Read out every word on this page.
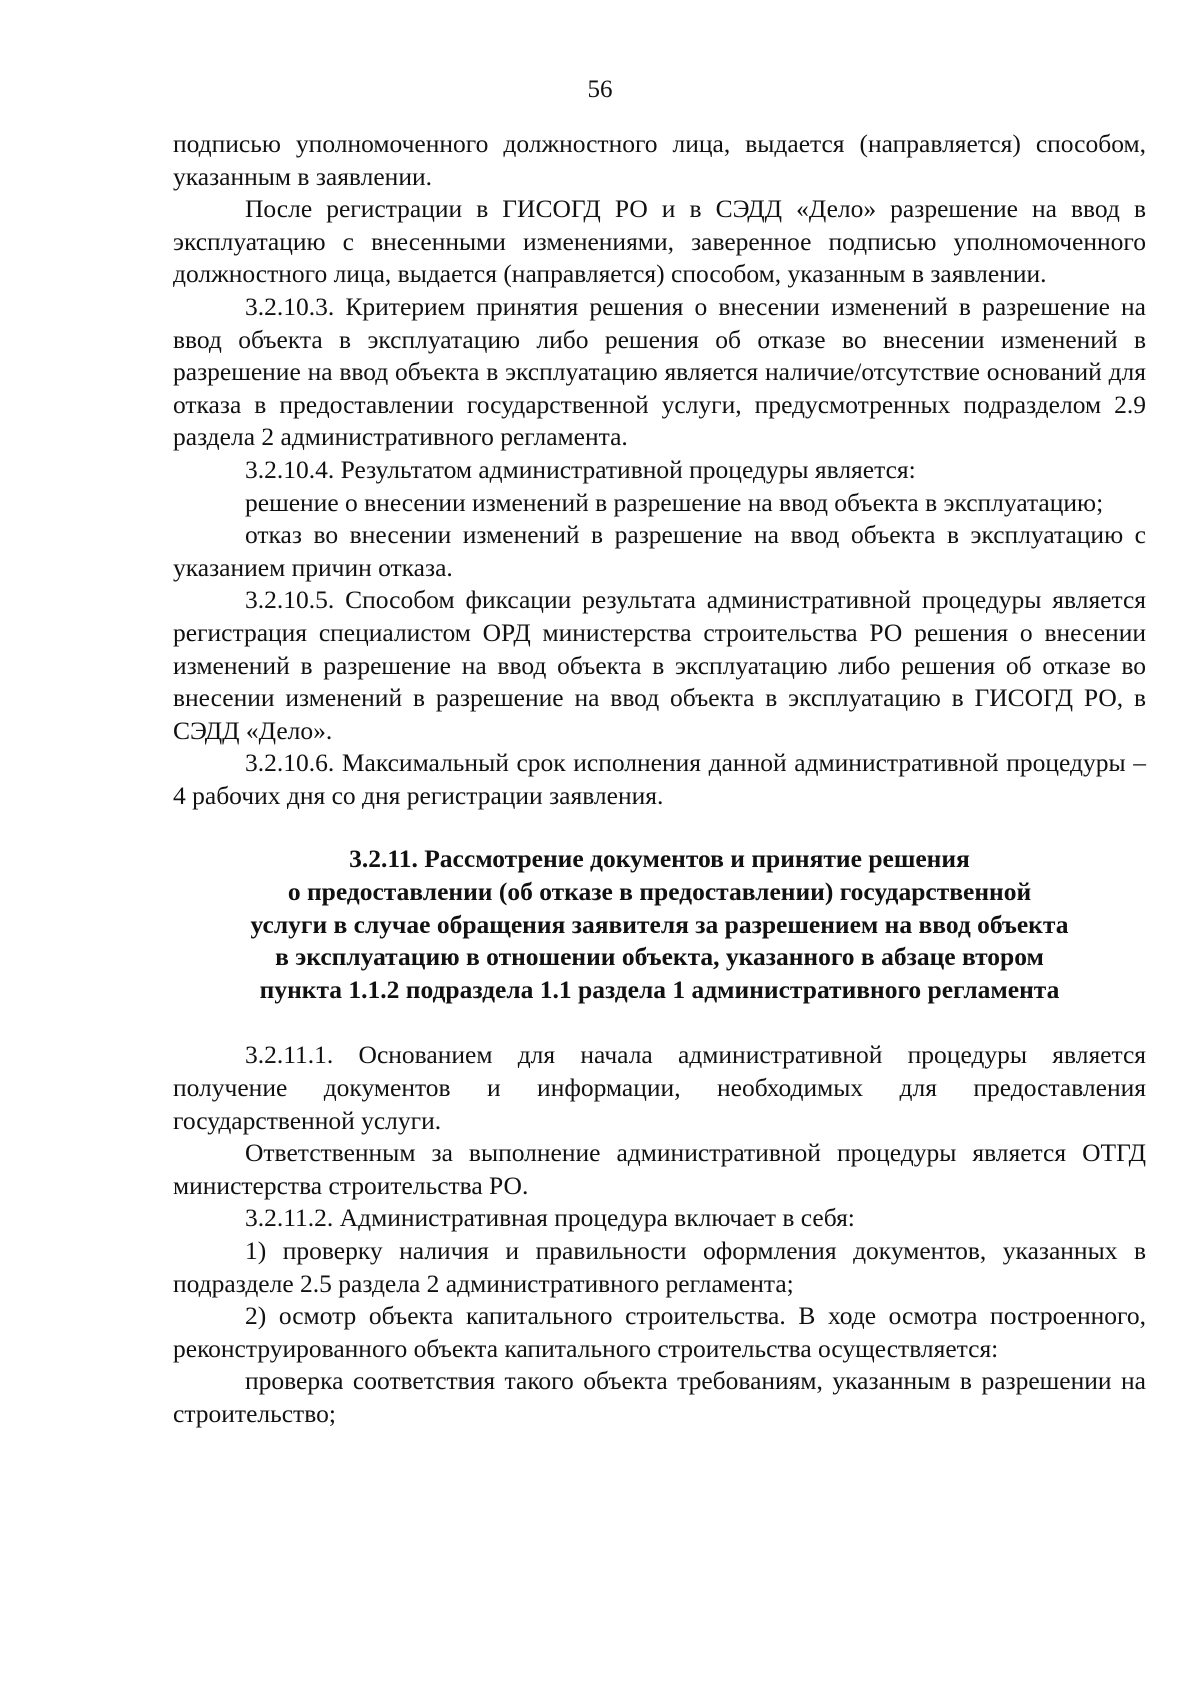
56

подписью уполномоченного должностного лица, выдается (направляется) способом, указанным в заявлении.

После регистрации в ГИСОГД РО и в СЭДД «Дело» разрешение на ввод в эксплуатацию с внесенными изменениями, заверенное подписью уполномоченного должностного лица, выдается (направляется) способом, указанным в заявлении.

3.2.10.3. Критерием принятия решения о внесении изменений в разрешение на ввод объекта в эксплуатацию либо решения об отказе во внесении изменений в разрешение на ввод объекта в эксплуатацию является наличие/отсутствие оснований для отказа в предоставлении государственной услуги, предусмотренных подразделом 2.9 раздела 2 административного регламента.

3.2.10.4. Результатом административной процедуры является:

решение о внесении изменений в разрешение на ввод объекта в эксплуатацию;

отказ во внесении изменений в разрешение на ввод объекта в эксплуатацию с указанием причин отказа.

3.2.10.5. Способом фиксации результата административной процедуры является регистрация специалистом ОРД министерства строительства РО решения о внесении изменений в разрешение на ввод объекта в эксплуатацию либо решения об отказе во внесении изменений в разрешение на ввод объекта в эксплуатацию в ГИСОГД РО, в СЭДД «Дело».

3.2.10.6. Максимальный срок исполнения данной административной процедуры – 4 рабочих дня со дня регистрации заявления.

3.2.11. Рассмотрение документов и принятие решения
о предоставлении (об отказе в предоставлении) государственной
услуги в случае обращения заявителя за разрешением на ввод объекта
в эксплуатацию в отношении объекта, указанного в абзаце втором
пункта 1.1.2 подраздела 1.1 раздела 1 административного регламента

3.2.11.1. Основанием для начала административной процедуры является получение документов и информации, необходимых для предоставления государственной услуги.

Ответственным за выполнение административной процедуры является ОТГД министерства строительства РО.

3.2.11.2. Административная процедура включает в себя:

1) проверку наличия и правильности оформления документов, указанных в подразделе 2.5 раздела 2 административного регламента;

2) осмотр объекта капитального строительства. В ходе осмотра построенного, реконструированного объекта капитального строительства осуществляется:

проверка соответствия такого объекта требованиям, указанным в разрешении на строительство;
